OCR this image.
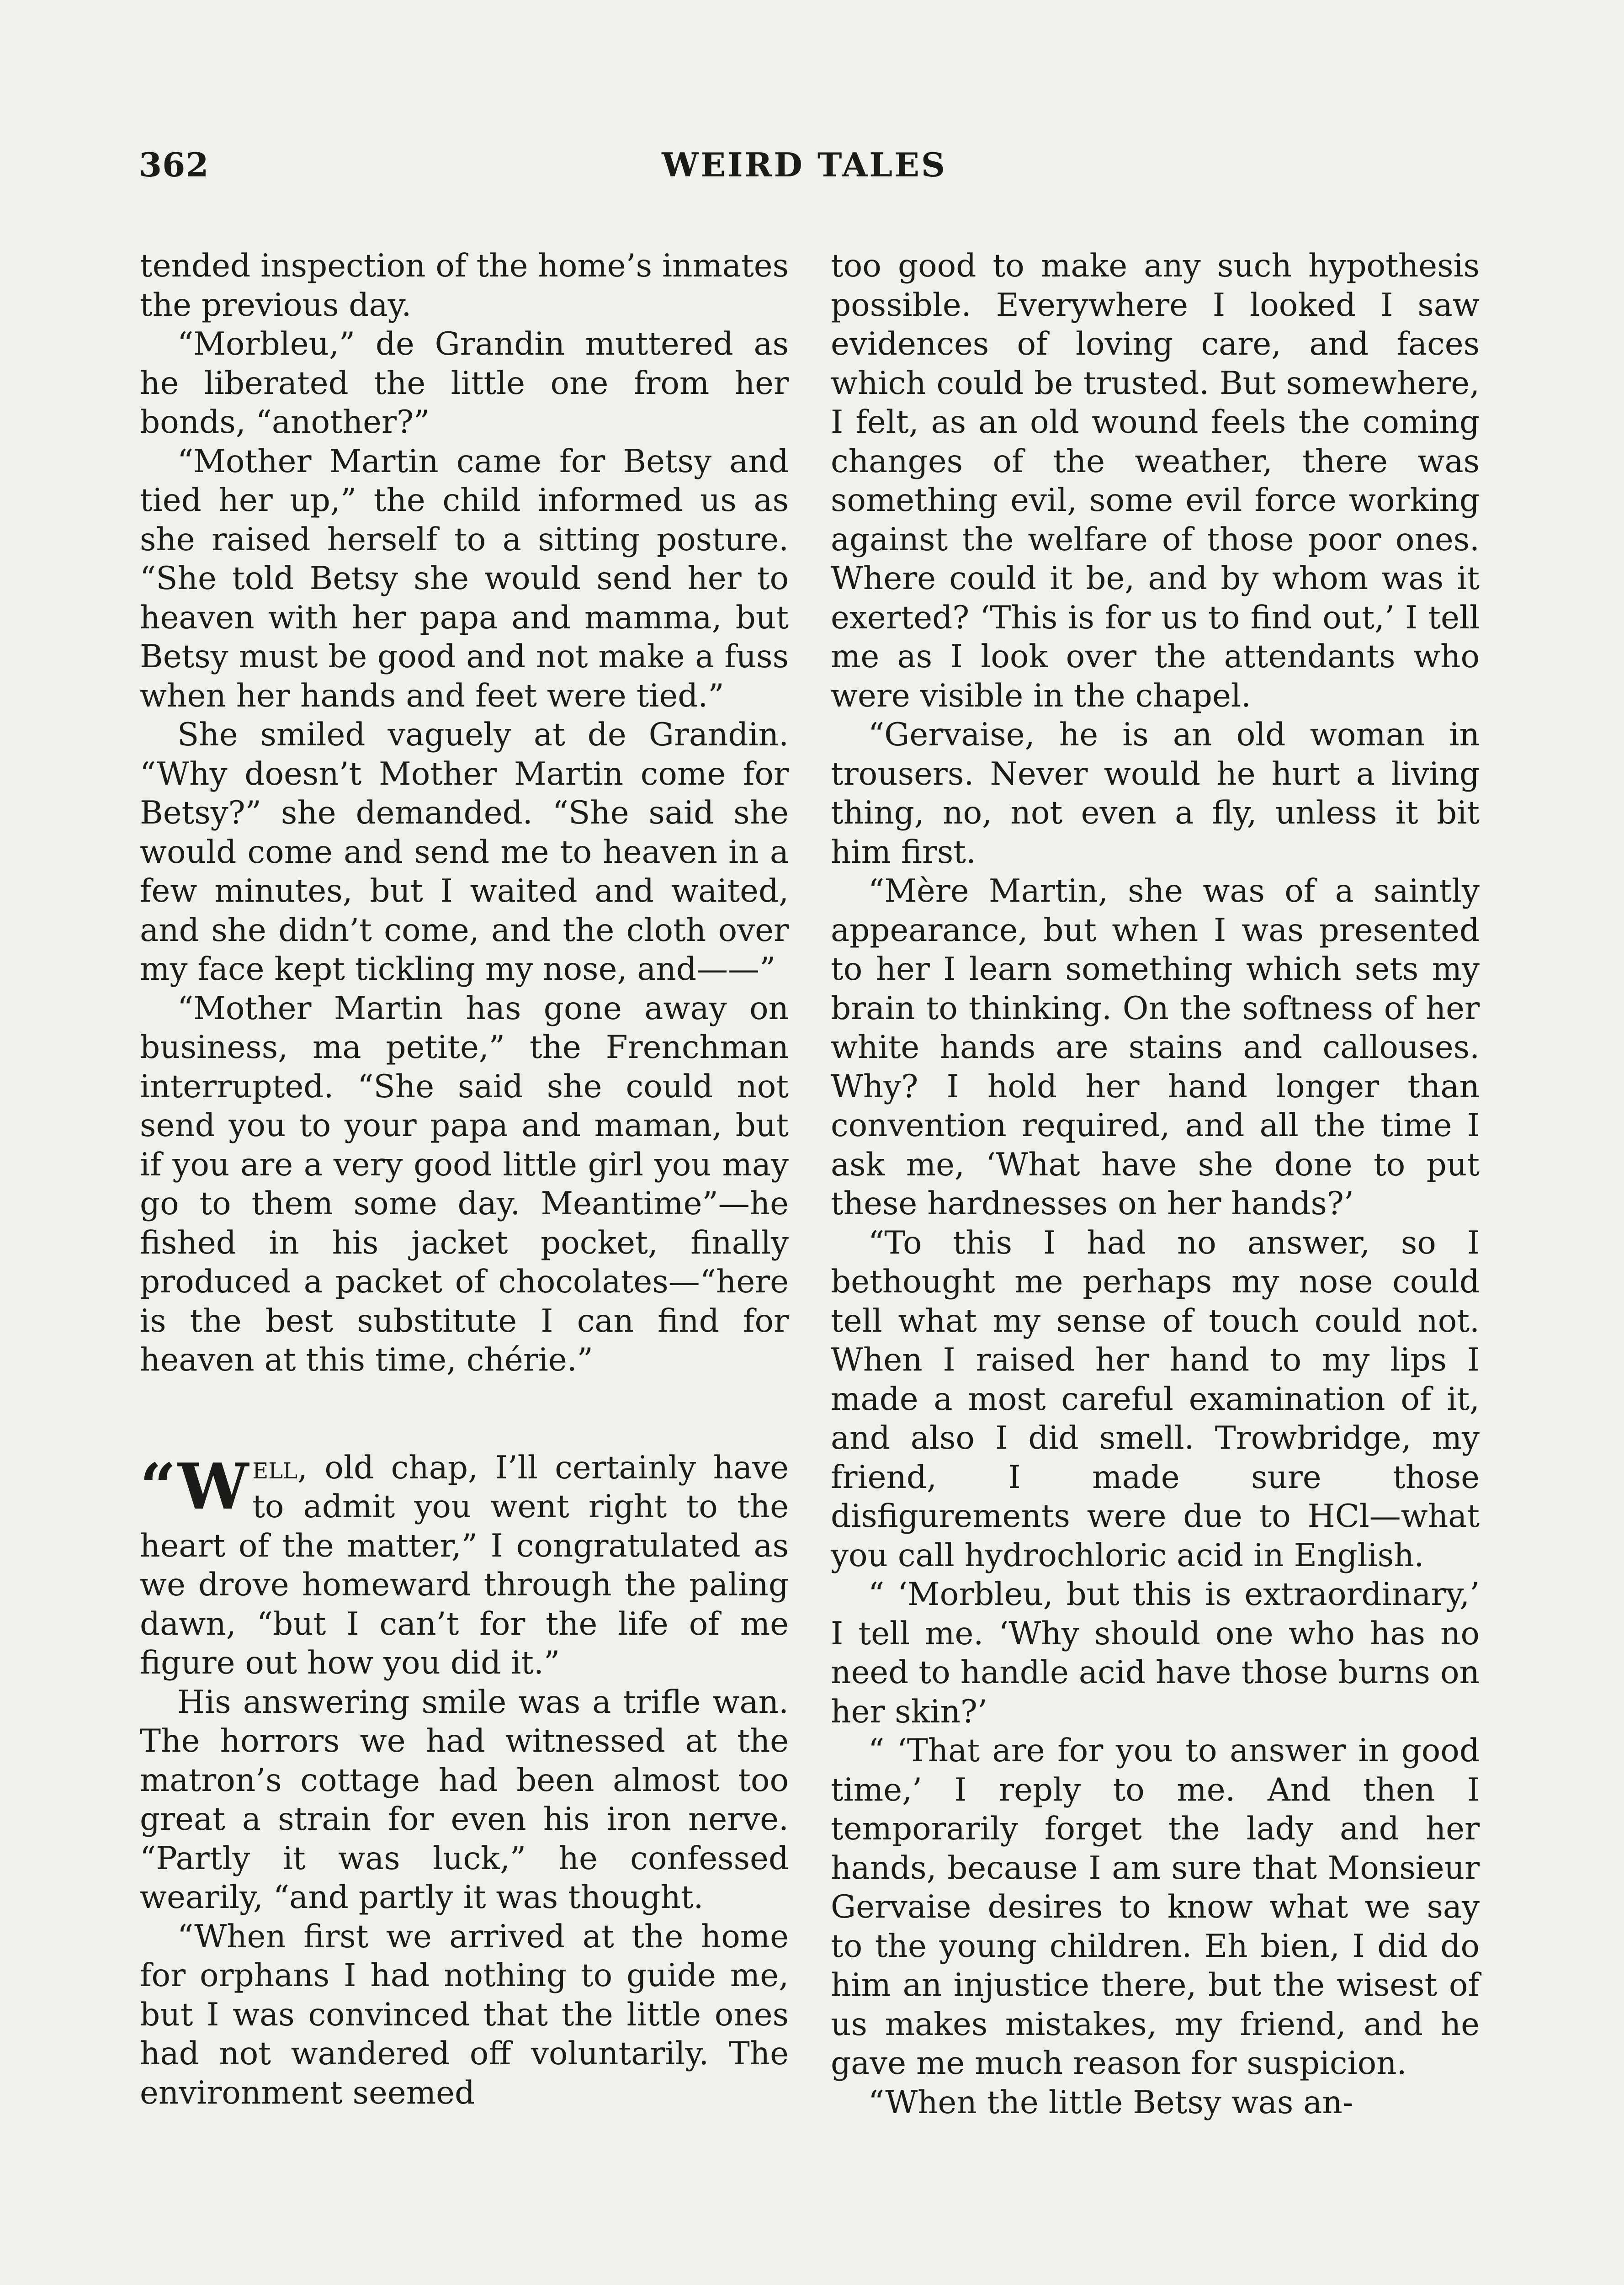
362	WEIRD TALES

tended inspection of the home’s inmates the previous day.

“Morbleu,” de Grandin muttered as he liberated the little one from her bonds, “another?”

“Mother Martin came for Betsy and tied her up,” the child informed us as she raised herself to a sitting posture. “She told Betsy she would send her to heaven with her papa and mamma, but Betsy must be good and not make a fuss when her hands and feet were tied.”

She smiled vaguely at de Grandin. “Why doesn’t Mother Martin come for Betsy?” she demanded. “She said she would come and send me to heaven in a few minutes, but I waited and waited, and she didn’t come, and the cloth over my face kept tickling my nose, and——”

“Mother Martin has gone away on business, ma petite,” the Frenchman interrupted. “She said she could not send you to your papa and maman, but if you are a very good little girl you may go to them some day. Meantime”—he fished in his jacket pocket, finally produced a packet of chocolates—“here is the best substitute I can find for heaven at this time, chérie.”

“W ell, old chap, I’ll certainly have to admit you went right to the heart of the matter,” I congratulated as we drove homeward through the paling dawn, “but I can’t for the life of me figure out how you did it.”

His answering smile was a trifle wan. The horrors we had witnessed at the matron’s cottage had been almost too great a strain for even his iron nerve. “Partly it was luck,” he confessed wearily, “and partly it was thought.

“When first we arrived at the home for orphans I had nothing to guide me, but I was convinced that the little ones had not wandered off voluntarily. The environment seemed

too good to make any such hypothesis possible. Everywhere I looked I saw evidences of loving care, and faces which could be trusted. But somewhere, I felt, as an old wound feels the coming changes of the weather, there was something evil, some evil force working against the welfare of those poor ones. Where could it be, and by whom was it exerted? ‘This is for us to find out,’ I tell me as I look over the attendants who were visible in the chapel.

“Gervaise, he is an old woman in trousers. Never would he hurt a living thing, no, not even a fly, unless it bit him first.

“Mère Martin, she was of a saintly appearance, but when I was presented to her I learn something which sets my brain to thinking. On the softness of her white hands are stains and callouses. Why? I hold her hand longer than convention required, and all the time I ask me, ‘What have she done to put these hardnesses on her hands?’

“To this I had no answer, so I bethought me perhaps my nose could tell what my sense of touch could not. When I raised her hand to my lips I made a most careful examination of it, and also I did smell. Trowbridge, my friend, I made sure those disfigurements were due to HCl—what you call hydrochloric acid in English.

“ ‘Morbleu, but this is extraordinary,’ I tell me. ‘Why should one who has no need to handle acid have those burns on her skin?’

“ ‘That are for you to answer in good time,’ I reply to me. And then I temporarily forget the lady and her hands, because I am sure that Monsieur Gervaise desires to know what we say to the young children. Eh bien, I did do him an injustice there, but the wisest of us makes mistakes, my friend, and he gave me much reason for suspicion.

“When the little Betsy was an-
